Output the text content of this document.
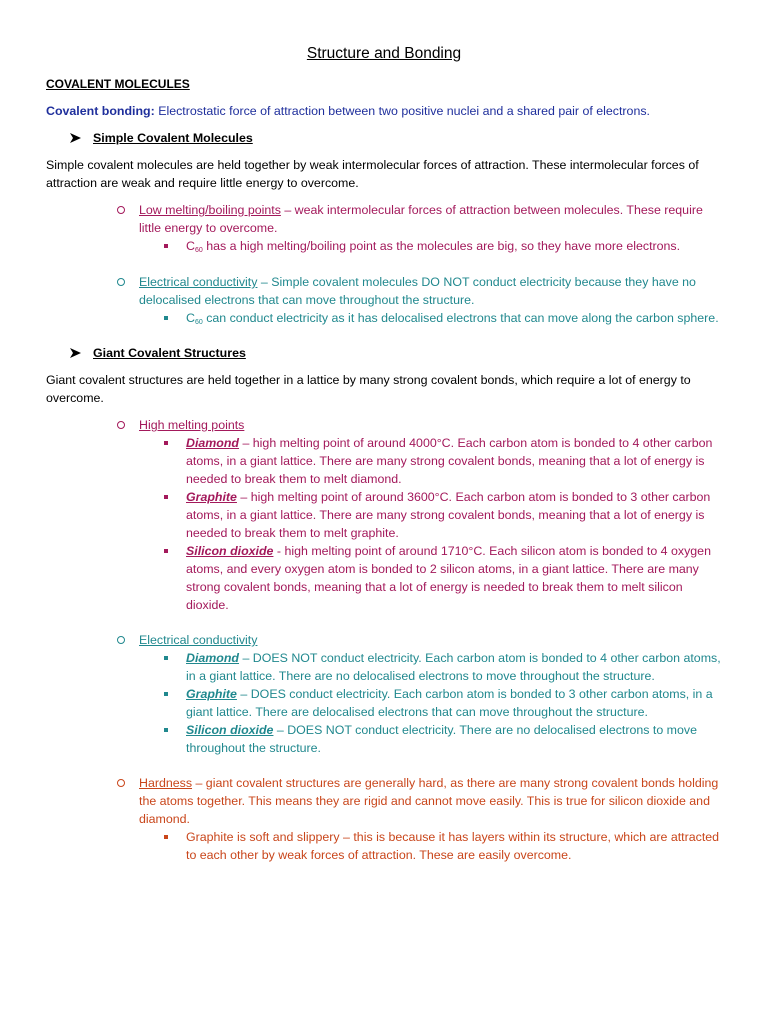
Structure and Bonding
COVALENT MOLECULES
Covalent bonding: Electrostatic force of attraction between two positive nuclei and a shared pair of electrons.
Simple Covalent Molecules
Simple covalent molecules are held together by weak intermolecular forces of attraction. These intermolecular forces of attraction are weak and require little energy to overcome.
Low melting/boiling points – weak intermolecular forces of attraction between molecules. These require little energy to overcome.
$C_{60}$ has a high melting/boiling point as the molecules are big, so they have more electrons.
Electrical conductivity – Simple covalent molecules DO NOT conduct electricity because they have no delocalised electrons that can move throughout the structure.
$C_{60}$ can conduct electricity as it has delocalised electrons that can move along the carbon sphere.
Giant Covalent Structures
Giant covalent structures are held together in a lattice by many strong covalent bonds, which require a lot of energy to overcome.
High melting points
Diamond – high melting point of around 4000°C. Each carbon atom is bonded to 4 other carbon atoms, in a giant lattice. There are many strong covalent bonds, meaning that a lot of energy is needed to break them to melt diamond.
Graphite – high melting point of around 3600°C. Each carbon atom is bonded to 3 other carbon atoms, in a giant lattice. There are many strong covalent bonds, meaning that a lot of energy is needed to break them to melt graphite.
Silicon dioxide - high melting point of around 1710°C. Each silicon atom is bonded to 4 oxygen atoms, and every oxygen atom is bonded to 2 silicon atoms, in a giant lattice. There are many strong covalent bonds, meaning that a lot of energy is needed to break them to melt silicon dioxide.
Electrical conductivity
Diamond – DOES NOT conduct electricity. Each carbon atom is bonded to 4 other carbon atoms, in a giant lattice. There are no delocalised electrons to move throughout the structure.
Graphite – DOES conduct electricity. Each carbon atom is bonded to 3 other carbon atoms, in a giant lattice. There are delocalised electrons that can move throughout the structure.
Silicon dioxide – DOES NOT conduct electricity. There are no delocalised electrons to move throughout the structure.
Hardness – giant covalent structures are generally hard, as there are many strong covalent bonds holding the atoms together. This means they are rigid and cannot move easily. This is true for silicon dioxide and diamond.
Graphite is soft and slippery – this is because it has layers within its structure, which are attracted to each other by weak forces of attraction. These are easily overcome.
